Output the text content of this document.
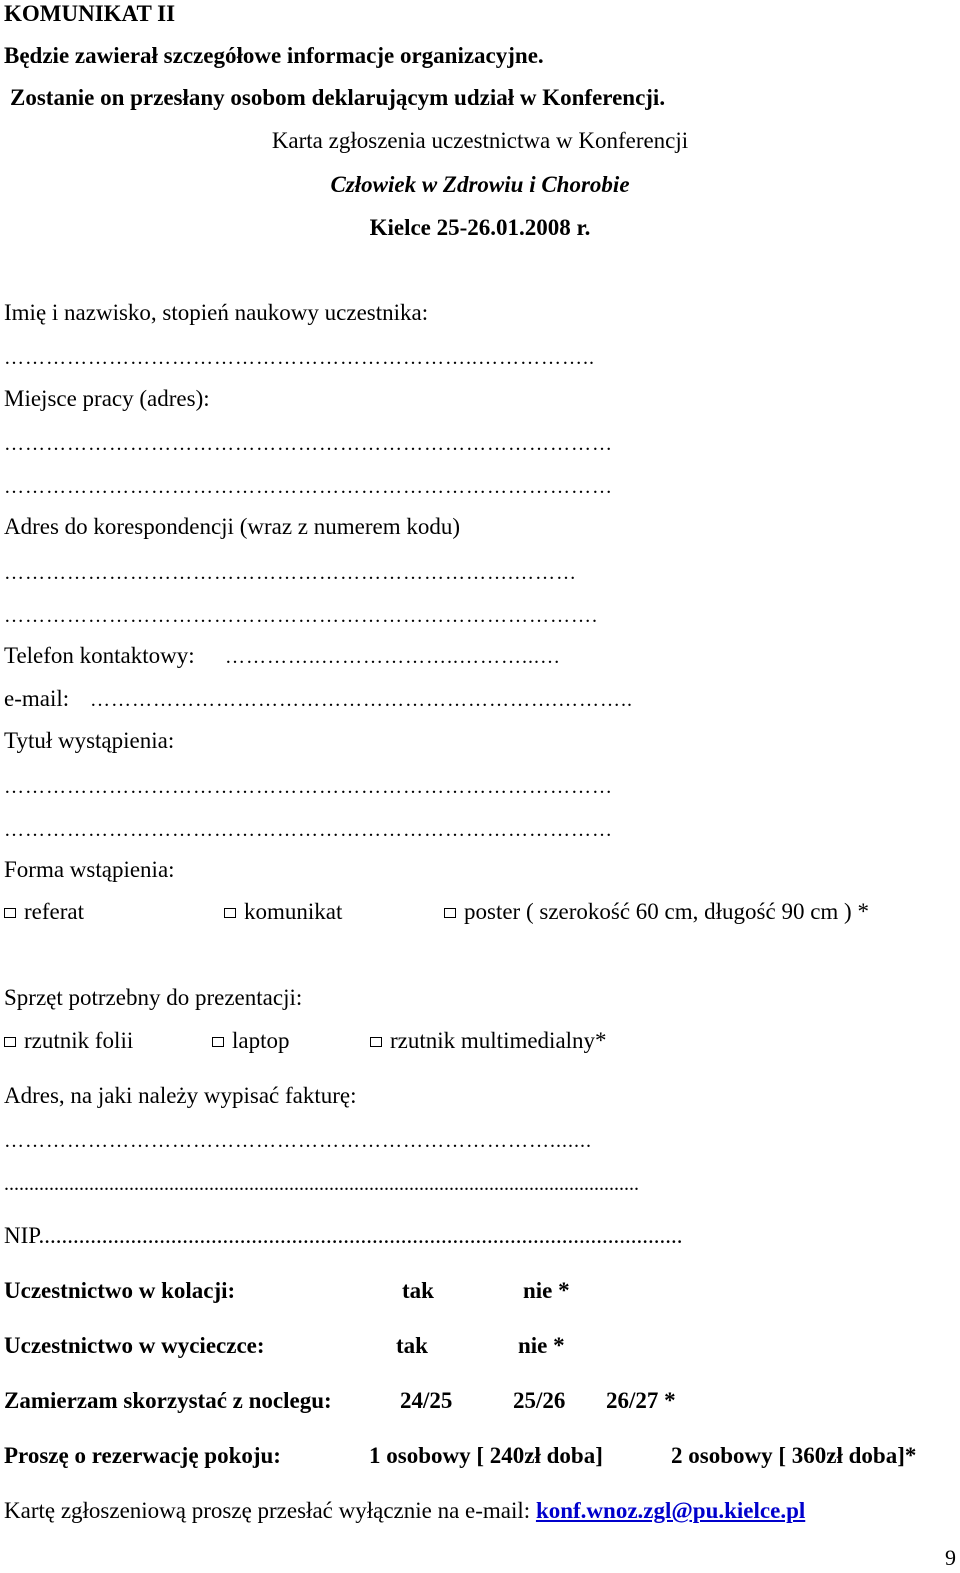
KOMUNIKAT II
Będzie zawierał szczegółowe informacje organizacyjne.
Zostanie on przesłany osobom deklarującym udział w Konferencji.
Karta zgłoszenia uczestnictwa w Konferencji
Człowiek w Zdrowiu i Chorobie
Kielce 25-26.01.2008 r.
Imię i nazwisko, stopień naukowy uczestnika:
…………………………………………………………..……………..
Miejsce pracy (adres):
……………………………………………………………………………
……………………………………………………………………………
Adres do korespondencji (wraz z numerem kodu)
……………………………………………………………….………
………………………………………………………………………….
Telefon kontaktowy: …………..………………..………...…
e-mail: ………………………………………………………….………..
Tytuł wystąpienia:
……………………………………………………………………………
……………………………………………………………………………
Forma wstąpienia:
referat	komunikat	poster ( szerokość 60 cm, długość 90 cm ) *
Sprzęt potrzebny do prezentacji:
rzutnik folii	laptop	rzutnik multimedialny*
Adres, na jaki należy wypisać fakturę:
…………………………………………………………………….......
...............................................................................................................................
NIP................................................................................................................
Uczestnictwo w kolacji:	tak	nie *
Uczestnictwo w wycieczce:	tak	nie *
Zamierzam skorzystać z noclegu:	24/25	25/26 26/27 *
Proszę o rezerwację pokoju:	1 osobowy [ 240zł doba]	2 osobowy [ 360zł doba]*
Kartę zgłoszeniową proszę przesłać wyłącznie na e-mail: konf.wnoz.zgl@pu.kielce.pl
9
